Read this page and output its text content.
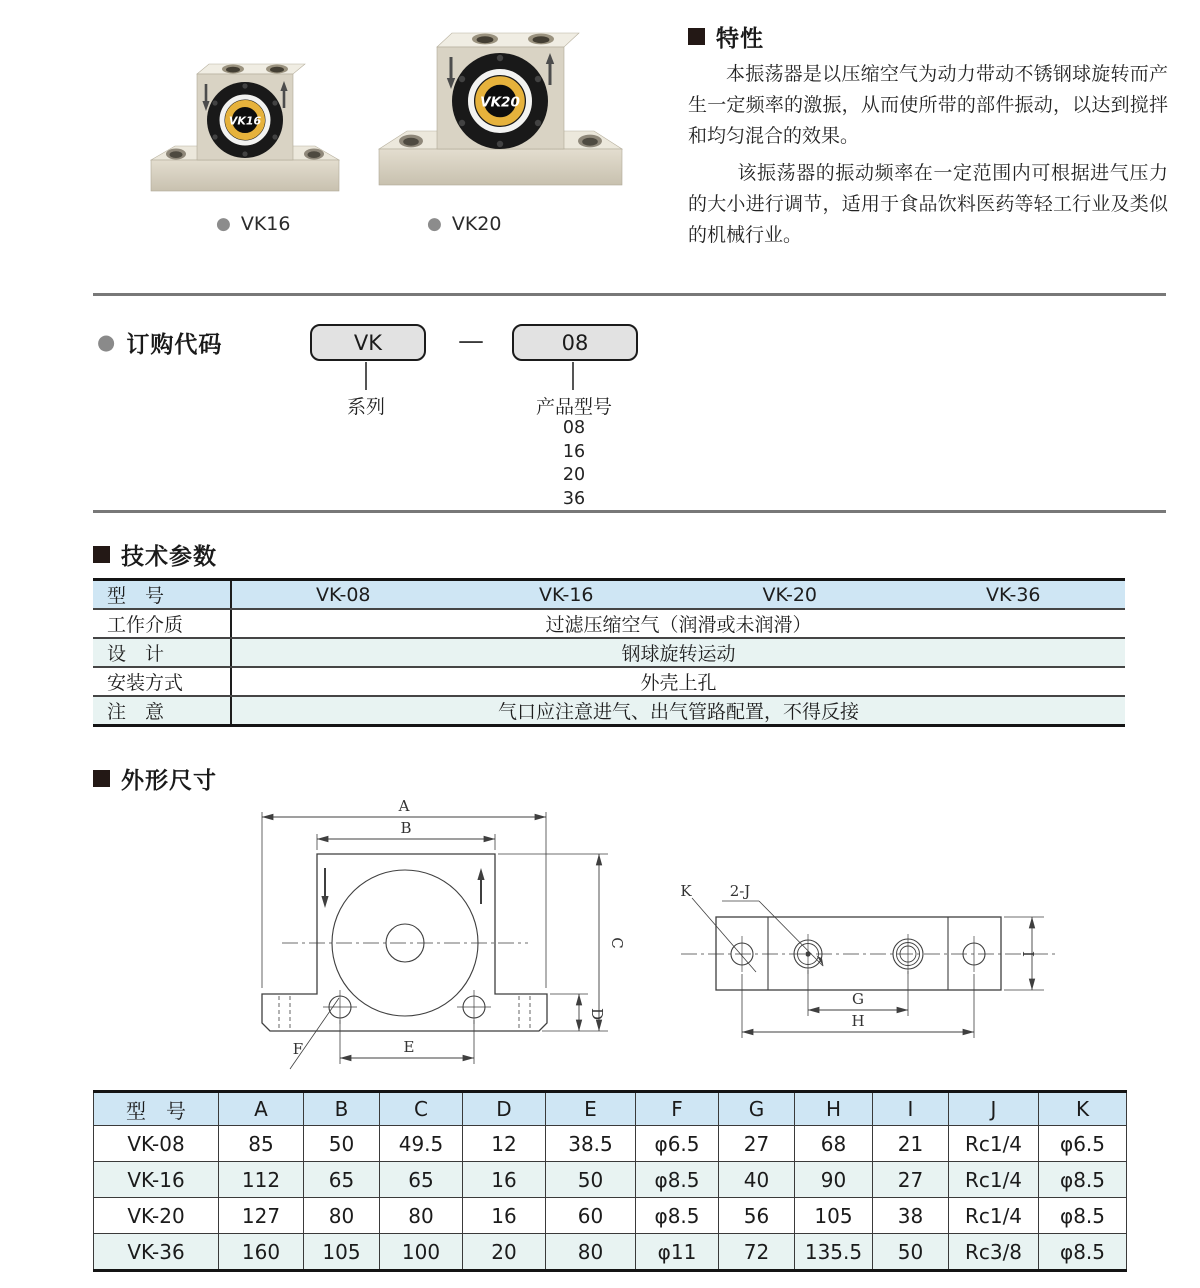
VK16
VK20
● VK16	● VK20
特性

本振荡器是以压缩空气为动力带动不锈钢球旋转而产生一定频率的激振，从而使所带的部件振动，以达到搅拌和均匀混合的效果。

该振荡器的振动频率在一定范围内可根据进气压力的大小进行调节，适用于食品饮料医药等轻工行业及类似的机械行业。

● 订购代码	VK	—	08
系列	产品型号
08
16
20
36
技术参数
型　号	VK-08	VK-16	VK-20	VK-36
工作介质	过滤压缩空气（润滑或未润滑）			
设　计	钢球旋转运动			
安装方式	外壳上孔			
注　意	气口应注意进气、出气管路配置，不得反接			
外形尺寸
A
B
C
D
E
F
K	2-J
G
H
I
型　号	A	B	C	D	E	F	G	H	I	J	K
VK-08	85	50	49.5	12	38.5	φ6.5	27	68	21	Rc1/4	φ6.5
VK-16	112	65	65	16	50	φ8.5	40	90	27	Rc1/4	φ8.5
VK-20	127	80	80	16	60	φ8.5	56	105	38	Rc1/4	φ8.5
VK-36	160	105	100	20	80	φ11	72	135.5	50	Rc3/8	φ8.5
